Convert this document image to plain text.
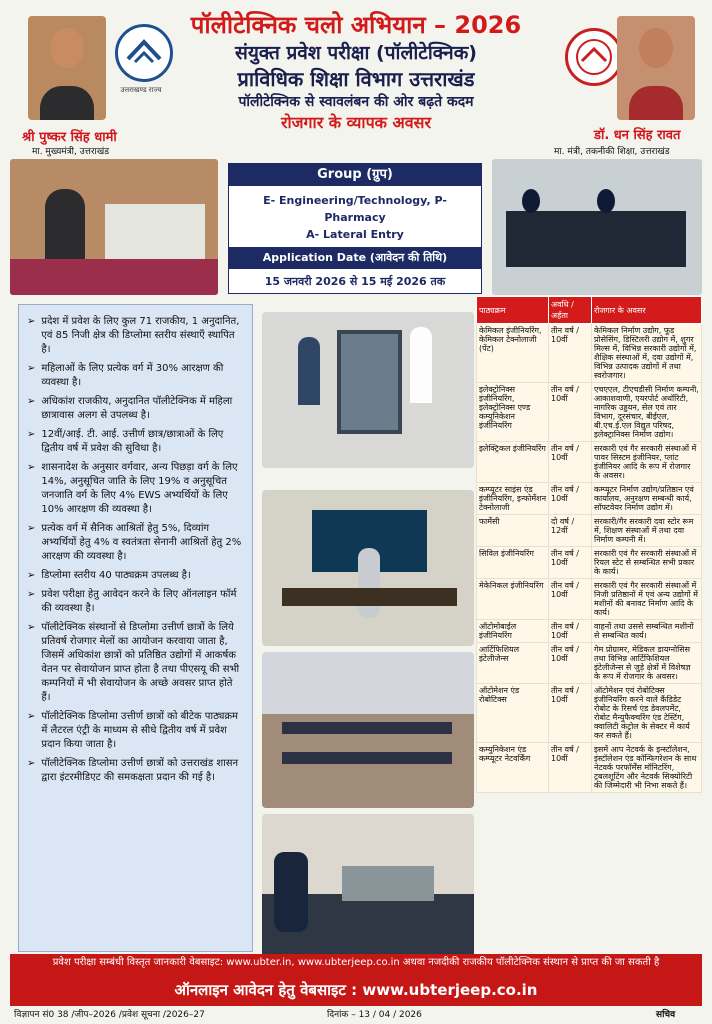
उत्तराखण्ड राज्य
श्री पुष्कर सिंह धामी
मा. मुख्यमंत्री, उत्तराखंड
पॉलीटेक्निक चलो अभियान – 2026
संयुक्त प्रवेश परीक्षा (पॉलीटेक्निक)
प्राविधिक शिक्षा विभाग उत्तराखंड
पॉलीटेक्निक से स्वावलंबन की ओर बढ़ते कदम
रोजगार के व्यापक अवसर
डॉ. धन सिंह रावत
मा. मंत्री, तकनीकी शिक्षा, उत्तराखंड
Group (ग्रुप)
E- Engineering/Technology, P-Pharmacy
A- Lateral Entry
Application Date (आवेदन की तिथि)
15 जनवरी 2026 से 15 मई 2026 तक
➢ प्रदेश में प्रवेश के लिए कुल 71 राजकीय, 1 अनुदानित, एवं 85 निजी क्षेत्र की डिप्लोमा स्तरीय संस्थाएँ स्थापित है।
➢ महिलाओं के लिए प्रत्येक वर्ग में 30% आरक्षण की व्यवस्था है।
➢ अधिकांश राजकीय, अनुदानित पॉलीटेक्निक में महिला छात्रावास अलग से उपलब्ध है।
➢ 12वीं/आई. टी. आई. उत्तीर्ण छात्र/छात्राओं के लिए द्वितीय वर्ष में प्रवेश की सुविधा है।
➢ शासनादेश के अनुसार वर्गवार, अन्य पिछड़ा वर्ग के लिए 14%, अनुसूचित जाति के लिए 19% व अनुसूचित जनजाति वर्ग के लिए 4% EWS अभ्यर्थियों के लिए 10% आरक्षण की व्यवस्था है।
➢ प्रत्येक वर्ग में सैनिक आश्रितों हेतु 5%, दिव्यांग अभ्यर्थियों हेतु 4% व स्वतंत्रता सेनानी आश्रितों हेतु 2% आरक्षण की व्यवस्था है।
➢ डिप्लोमा स्तरीय 40 पाठ्यक्रम उपलब्ध है।
➢ प्रवेश परीक्षा हेतु आवेदन करने के लिए ऑनलाइन फॉर्म की व्यवस्था है।
➢ पॉलीटेक्निक संस्थानों से डिप्लोमा उत्तीर्ण छात्रों के लिये प्रतिवर्ष रोजगार मेलों का आयोजन करवाया जाता है, जिसमें अधिकांश छात्रों को प्रतिष्ठित उद्योगों में आकर्षक वेतन पर सेवायोजन प्राप्त होता है तथा पीएसयू की सभी कम्पनियों में भी सेवायोजन के अच्छे अवसर प्राप्त होते हैं।
➢ पॉलीटेक्निक डिप्लोमा उत्तीर्ण छात्रों को बीटेक पाठ्यक्रम में लैटरल एंट्री के माध्यम से सीधे द्वितीय वर्ष में प्रवेश प्रदान किया जाता है।
➢ पॉलीटेक्निक डिप्लोमा उत्तीर्ण छात्रों को उत्तराखंड शासन द्वारा इंटरमीडिएट की समकक्षता प्रदान की गई है।
पाठ्यक्रम	अवधि / अर्हता	रोजगार के अवसर
केमिकल इंजीनियरिंग, केमिकल टेक्नोलाजी (पेंट)	तीन वर्ष / 10वीं	केमिकल निर्माण उद्योग, फूड प्रोसेसिंग, डिस्टिलरी उद्योग में, शुगर मिल्स में, विभिन्न सरकारी उद्योगों में, शैक्षिक संस्थाओं में, दवा उद्योगों में, विभिन्न उत्पादक उद्योगों में तथा स्वरोजगार।
इलेक्ट्रोनिक्स इंजीनियरिंग, इलेक्ट्रोनिक्स एण्ड कम्युनिकेशन इंजीनियरिंग	तीन वर्ष / 10वीं	एचएएल, टीएचडीसी निर्माण कम्पनी, आकाशवाणी, एयरपोर्ट अथॉरिटी, नागरिक उड्डयन, सेल एवं तार विभाग, दूरसंचार, बीईएल, बी.एच.ई.एल विद्युत परिषद, इलेक्ट्रानिक्स निर्माण उद्योग।
इलेक्ट्रिकल इंजीनियरिंग	तीन वर्ष / 10वीं	सरकारी एवं गैर सरकारी संस्थाओं में पावर सिस्टम इंजीनियर, प्लांट इंजीनियर आदि के रूप में रोजगार के अवसर।
कम्प्यूटर साइंस एंड इंजीनियरिंग, इन्फोर्मेशन टेक्नोलाजी	तीन वर्ष / 10वीं	कम्प्यूटर निर्माण उद्योग/प्रतिष्ठान एवं कार्यालय, अनुरक्षण सम्बन्धी कार्य, सॉफ्टवेयर निर्माण उद्योग में।
फार्मेसी	दो वर्ष / 12वीं	सरकारी/गैर सरकारी दवा स्टोर रूम में, शिक्षण संस्थाओं में तथा दवा निर्माण कम्पनी में।
सिविल इंजीनियरिंग	तीन वर्ष / 10वीं	सरकारी एवं गैर सरकारी संस्थाओं में रियल स्टेट से सम्बन्धित सभी प्रकार के कार्य।
मेकेनिकल इंजीनियरिंग	तीन वर्ष / 10वीं	सरकारी एवं गैर सरकारी संस्थाओं में निजी प्रतिष्ठानों में एवं अन्य उद्योगों में मशीनों की बनावट निर्माण आदि के कार्य।
ऑटोमोबाईल इंजीनियरिंग	तीन वर्ष / 10वीं	वाहनों तथा उससे सम्बन्धित मशीनों से सम्बन्धित कार्य।
आर्टिफिशियल इंटेलीजेन्स	तीन वर्ष / 10वीं	गेम प्रोग्रामर, मेडिकल डायग्नोसिस तथा विभिन्न आर्टिफिशियल इंटेलीजेन्स से जुड़े क्षेत्रों में विशेषज्ञ के रूप में रोजगार के अवसर।
ऑटोमेशन एंड रोबोटिक्स	तीन वर्ष / 10वीं	ऑटोमेशन एवं रोबोटिक्स इंजीनियरिंग करने वाले कैंडिडेट रोबोट के रिसर्च एंड डेवलपमेंट, रोबोट मैन्युफैक्चरिंग एंड टेस्टिंग, क्वालिटी कंट्रोल के सेक्टर में कार्य कर सकते हैं।
कम्युनिकेशन एंड कम्प्यूटर नेटवर्किंग	तीन वर्ष / 10वीं	इसमें आप नेटवर्क के इन्स्टॉलेशन, इंस्टॉलेशन एंड कॉन्फिगरेशन के साथ नेटवर्क परफॉर्मेंस मॉनिटरिंग, ट्रबलशूटिंग और नेटवर्क सिक्योरिटी की जिम्मेदारी भी निभा सकते हैं।
प्रवेश परीक्षा सम्बंधी विस्तृत जानकारी वेबसाइट: www.ubter.in, www.ubterjeep.co.in अथवा नजदीकी राजकीय पॉलीटेक्निक संस्थान से प्राप्त की जा सकती है
ऑनलाइन आवेदन हेतु वेबसाइट : www.ubterjeep.co.in
विज्ञापन सं0 38 /जीप–2026 /प्रवेश सूचना /2026–27	दिनांक – 13 / 04 / 2026	सचिव
